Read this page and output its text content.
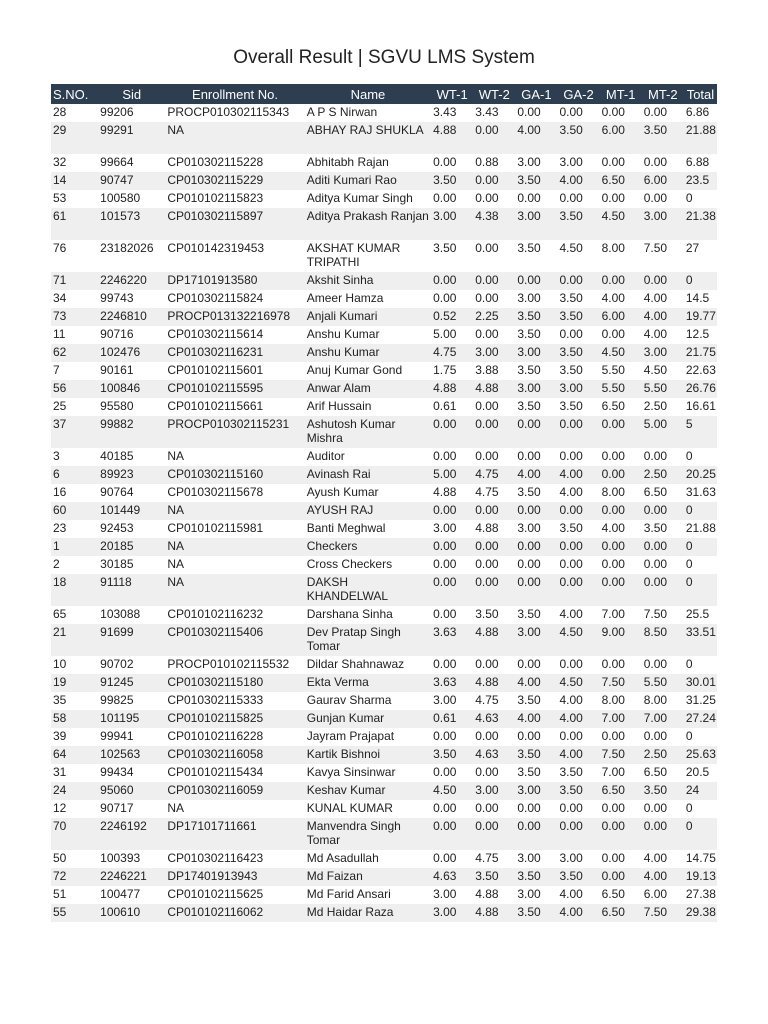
Overall Result | SGVU LMS System
S.NO.	Sid	Enrollment No.	Name	WT-1	WT-2	GA-1	GA-2	MT-1	MT-2	Total
28	99206	PROCP010302115343	A P S Nirwan	3.43	3.43	0.00	0.00	0.00	0.00	6.86
29	99291	NA	ABHAY RAJ SHUKLA	4.88	0.00	4.00	3.50	6.00	3.50	21.88
32	99664	CP010302115228	Abhitabh Rajan	0.00	0.88	3.00	3.00	0.00	0.00	6.88
14	90747	CP010302115229	Aditi Kumari Rao	3.50	0.00	3.50	4.00	6.50	6.00	23.5
53	100580	CP010102115823	Aditya Kumar Singh	0.00	0.00	0.00	0.00	0.00	0.00	0
61	101573	CP010302115897	Aditya Prakash Ranjan	3.00	4.38	3.00	3.50	4.50	3.00	21.38
76	23182026	CP010142319453	AKSHAT KUMAR TRIPATHI	3.50	0.00	3.50	4.50	8.00	7.50	27
71	2246220	DP17101913580	Akshit Sinha	0.00	0.00	0.00	0.00	0.00	0.00	0
34	99743	CP010302115824	Ameer Hamza	0.00	0.00	3.00	3.50	4.00	4.00	14.5
73	2246810	PROCP013132216978	Anjali Kumari	0.52	2.25	3.50	3.50	6.00	4.00	19.77
11	90716	CP010302115614	Anshu Kumar	5.00	0.00	3.50	0.00	0.00	4.00	12.5
62	102476	CP010302116231	Anshu Kumar	4.75	3.00	3.00	3.50	4.50	3.00	21.75
7	90161	CP010102115601	Anuj Kumar Gond	1.75	3.88	3.50	3.50	5.50	4.50	22.63
56	100846	CP010102115595	Anwar Alam	4.88	4.88	3.00	3.00	5.50	5.50	26.76
25	95580	CP010102115661	Arif Hussain	0.61	0.00	3.50	3.50	6.50	2.50	16.61
37	99882	PROCP010302115231	Ashutosh Kumar Mishra	0.00	0.00	0.00	0.00	0.00	5.00	5
3	40185	NA	Auditor	0.00	0.00	0.00	0.00	0.00	0.00	0
6	89923	CP010302115160	Avinash Rai	5.00	4.75	4.00	4.00	0.00	2.50	20.25
16	90764	CP010302115678	Ayush Kumar	4.88	4.75	3.50	4.00	8.00	6.50	31.63
60	101449	NA	AYUSH RAJ	0.00	0.00	0.00	0.00	0.00	0.00	0
23	92453	CP010102115981	Banti Meghwal	3.00	4.88	3.00	3.50	4.00	3.50	21.88
1	20185	NA	Checkers	0.00	0.00	0.00	0.00	0.00	0.00	0
2	30185	NA	Cross Checkers	0.00	0.00	0.00	0.00	0.00	0.00	0
18	91118	NA	DAKSH KHANDELWAL	0.00	0.00	0.00	0.00	0.00	0.00	0
65	103088	CP010102116232	Darshana Sinha	0.00	3.50	3.50	4.00	7.00	7.50	25.5
21	91699	CP010302115406	Dev Pratap Singh Tomar	3.63	4.88	3.00	4.50	9.00	8.50	33.51
10	90702	PROCP010102115532	Dildar Shahnawaz	0.00	0.00	0.00	0.00	0.00	0.00	0
19	91245	CP010302115180	Ekta Verma	3.63	4.88	4.00	4.50	7.50	5.50	30.01
35	99825	CP010302115333	Gaurav Sharma	3.00	4.75	3.50	4.00	8.00	8.00	31.25
58	101195	CP010102115825	Gunjan Kumar	0.61	4.63	4.00	4.00	7.00	7.00	27.24
39	99941	CP010102116228	Jayram Prajapat	0.00	0.00	0.00	0.00	0.00	0.00	0
64	102563	CP010302116058	Kartik Bishnoi	3.50	4.63	3.50	4.00	7.50	2.50	25.63
31	99434	CP010102115434	Kavya Sinsinwar	0.00	0.00	3.50	3.50	7.00	6.50	20.5
24	95060	CP010302116059	Keshav Kumar	4.50	3.00	3.00	3.50	6.50	3.50	24
12	90717	NA	KUNAL KUMAR	0.00	0.00	0.00	0.00	0.00	0.00	0
70	2246192	DP17101711661	Manvendra Singh Tomar	0.00	0.00	0.00	0.00	0.00	0.00	0
50	100393	CP010302116423	Md Asadullah	0.00	4.75	3.00	3.00	0.00	4.00	14.75
72	2246221	DP17401913943	Md Faizan	4.63	3.50	3.50	3.50	0.00	4.00	19.13
51	100477	CP010102115625	Md Farid Ansari	3.00	4.88	3.00	4.00	6.50	6.00	27.38
55	100610	CP010102116062	Md Haidar Raza	3.00	4.88	3.50	4.00	6.50	7.50	29.38
